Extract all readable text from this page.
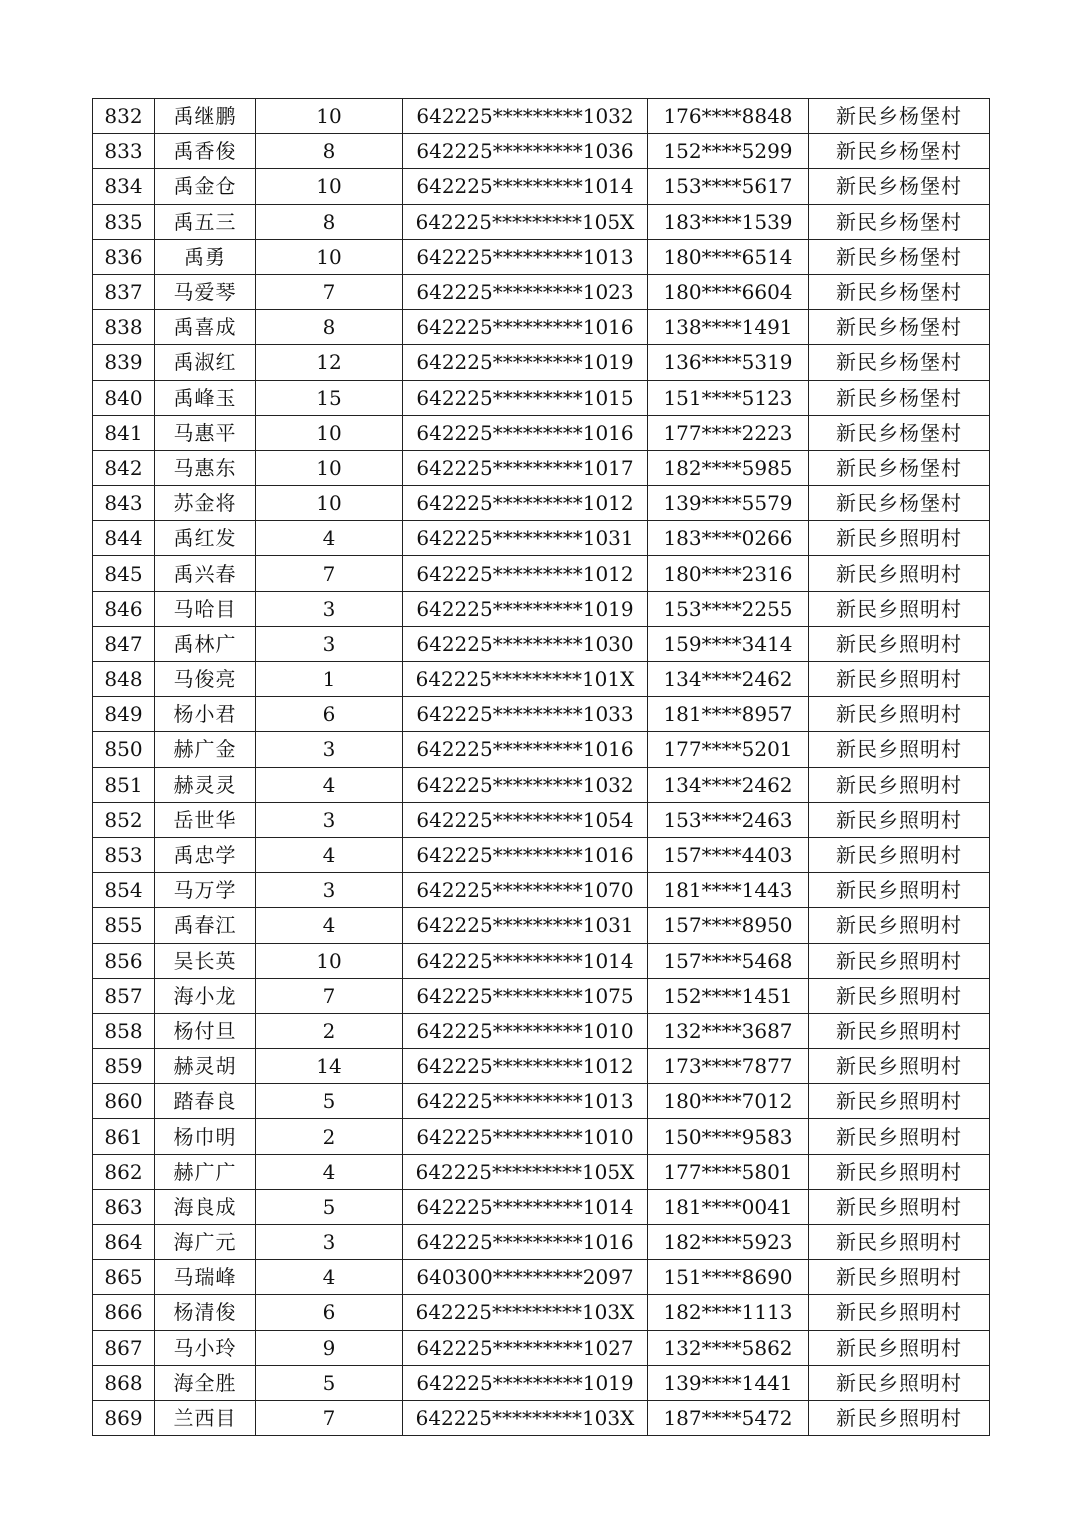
832	禹继鹏	10	642225*********1032	176****8848	新民乡杨堡村
833	禹香俊	8	642225*********1036	152****5299	新民乡杨堡村
834	禹金仓	10	642225*********1014	153****5617	新民乡杨堡村
835	禹五三	8	642225*********105X	183****1539	新民乡杨堡村
836	禹勇	10	642225*********1013	180****6514	新民乡杨堡村
837	马爱琴	7	642225*********1023	180****6604	新民乡杨堡村
838	禹喜成	8	642225*********1016	138****1491	新民乡杨堡村
839	禹淑红	12	642225*********1019	136****5319	新民乡杨堡村
840	禹峰玉	15	642225*********1015	151****5123	新民乡杨堡村
841	马惠平	10	642225*********1016	177****2223	新民乡杨堡村
842	马惠东	10	642225*********1017	182****5985	新民乡杨堡村
843	苏金将	10	642225*********1012	139****5579	新民乡杨堡村
844	禹红发	4	642225*********1031	183****0266	新民乡照明村
845	禹兴春	7	642225*********1012	180****2316	新民乡照明村
846	马哈目	3	642225*********1019	153****2255	新民乡照明村
847	禹林广	3	642225*********1030	159****3414	新民乡照明村
848	马俊亮	1	642225*********101X	134****2462	新民乡照明村
849	杨小君	6	642225*********1033	181****8957	新民乡照明村
850	赫广金	3	642225*********1016	177****5201	新民乡照明村
851	赫灵灵	4	642225*********1032	134****2462	新民乡照明村
852	岳世华	3	642225*********1054	153****2463	新民乡照明村
853	禹忠学	4	642225*********1016	157****4403	新民乡照明村
854	马万学	3	642225*********1070	181****1443	新民乡照明村
855	禹春江	4	642225*********1031	157****8950	新民乡照明村
856	吴长英	10	642225*********1014	157****5468	新民乡照明村
857	海小龙	7	642225*********1075	152****1451	新民乡照明村
858	杨付旦	2	642225*********1010	132****3687	新民乡照明村
859	赫灵胡	14	642225*********1012	173****7877	新民乡照明村
860	踏春良	5	642225*********1013	180****7012	新民乡照明村
861	杨巾明	2	642225*********1010	150****9583	新民乡照明村
862	赫广广	4	642225*********105X	177****5801	新民乡照明村
863	海良成	5	642225*********1014	181****0041	新民乡照明村
864	海广元	3	642225*********1016	182****5923	新民乡照明村
865	马瑞峰	4	640300*********2097	151****8690	新民乡照明村
866	杨清俊	6	642225*********103X	182****1113	新民乡照明村
867	马小玲	9	642225*********1027	132****5862	新民乡照明村
868	海全胜	5	642225*********1019	139****1441	新民乡照明村
869	兰西目	7	642225*********103X	187****5472	新民乡照明村
